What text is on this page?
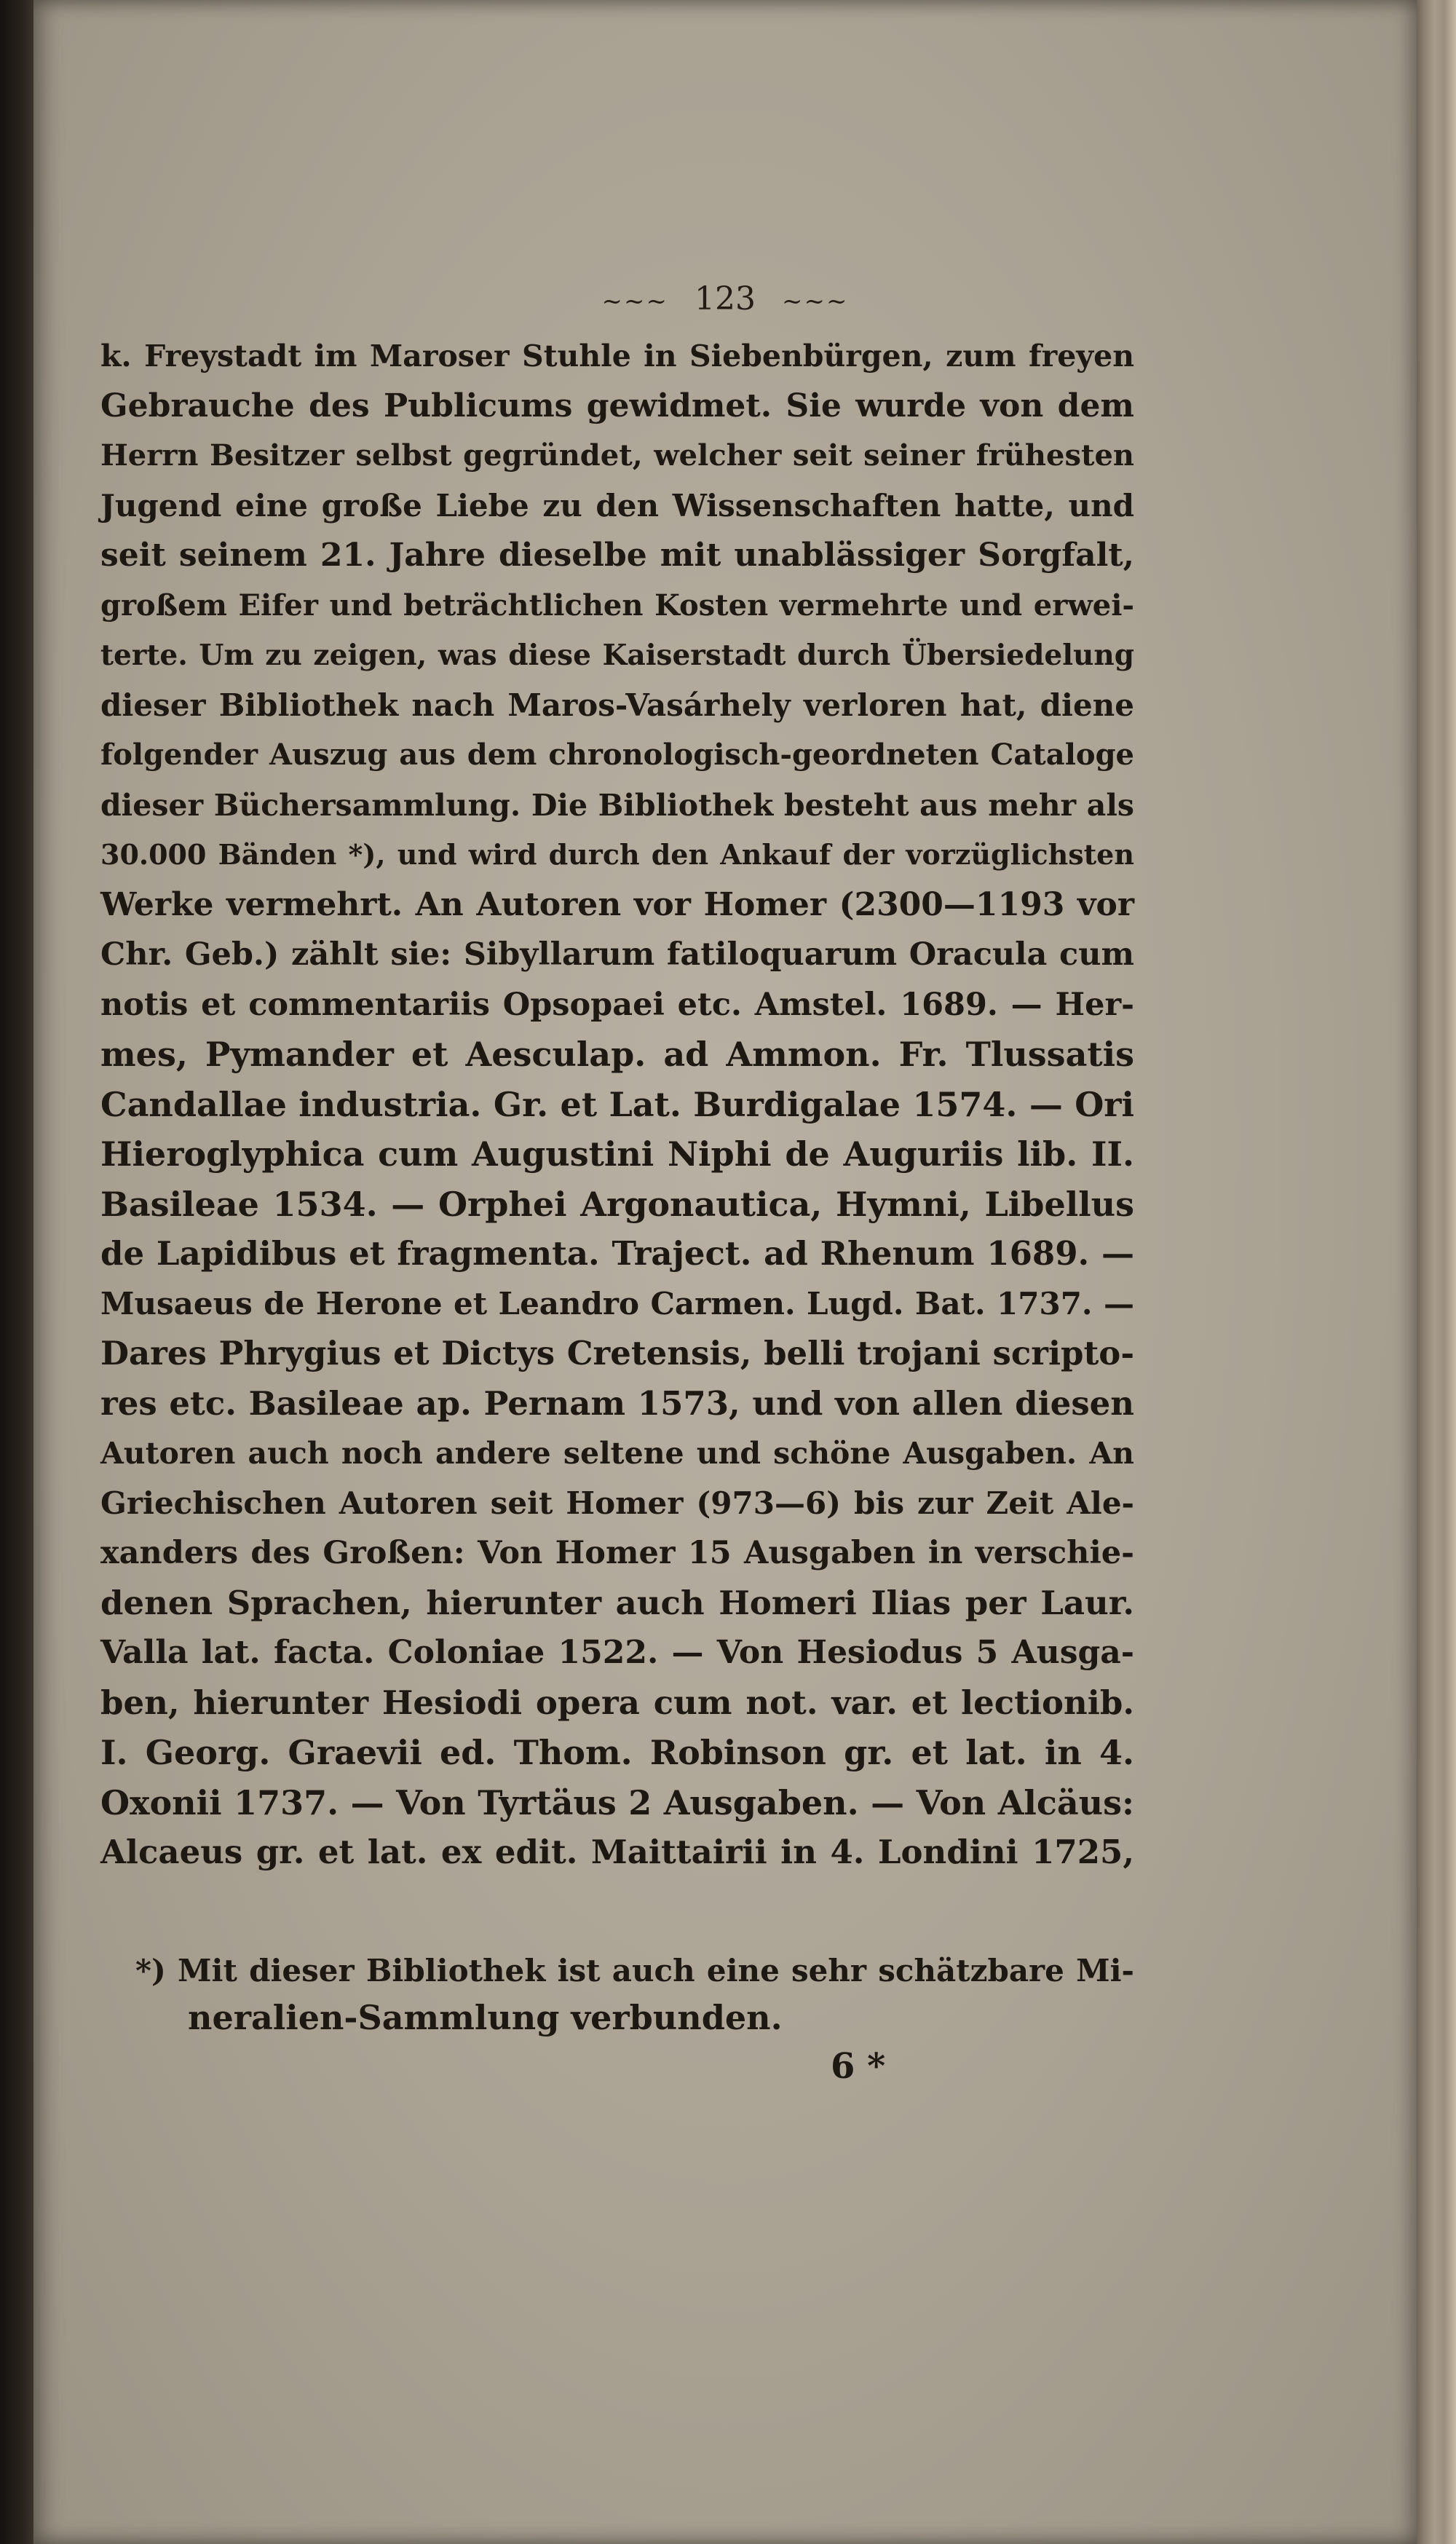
~~~ 123 ~~~
k. Freystadt im Maroser Stuhle in Siebenbürgen, zum freyen
Gebrauche des Publicums gewidmet. Sie wurde von dem
Herrn Besitzer selbst gegründet, welcher seit seiner frühesten
Jugend eine große Liebe zu den Wissenschaften hatte, und
seit seinem 21. Jahre dieselbe mit unablässiger Sorgfalt,
großem Eifer und beträchtlichen Kosten vermehrte und erwei-
terte. Um zu zeigen, was diese Kaiserstadt durch Übersiedelung
dieser Bibliothek nach Maros-Vasárhely verloren hat, diene
folgender Auszug aus dem chronologisch-geordneten Cataloge
dieser Büchersammlung. Die Bibliothek besteht aus mehr als
30.000 Bänden *), und wird durch den Ankauf der vorzüglichsten
Werke vermehrt. An Autoren vor Homer (2300—1193 vor
Chr. Geb.) zählt sie: Sibyllarum fatiloquarum Oracula cum
notis et commentariis Opsopaei etc. Amstel. 1689. — Her-
mes, Pymander et Aesculap. ad Ammon. Fr. Tlussatis
Candallae industria. Gr. et Lat. Burdigalae 1574. — Ori
Hieroglyphica cum Augustini Niphi de Auguriis lib. II.
Basileae 1534. — Orphei Argonautica, Hymni, Libellus
de Lapidibus et fragmenta. Traject. ad Rhenum 1689. —
Musaeus de Herone et Leandro Carmen. Lugd. Bat. 1737. —
Dares Phrygius et Dictys Cretensis, belli trojani scripto-
res etc. Basileae ap. Pernam 1573, und von allen diesen
Autoren auch noch andere seltene und schöne Ausgaben. An
Griechischen Autoren seit Homer (973—6) bis zur Zeit Ale-
xanders des Großen: Von Homer 15 Ausgaben in verschie-
denen Sprachen, hierunter auch Homeri Ilias per Laur.
Valla lat. facta. Coloniae 1522. — Von Hesiodus 5 Ausga-
ben, hierunter Hesiodi opera cum not. var. et lectionib.
I. Georg. Graevii ed. Thom. Robinson gr. et lat. in 4.
Oxonii 1737. — Von Tyrtäus 2 Ausgaben. — Von Alcäus:
Alcaeus gr. et lat. ex edit. Maittairii in 4. Londini 1725,
*) Mit dieser Bibliothek ist auch eine sehr schätzbare Mi-
neralien-Sammlung verbunden.
6 *
